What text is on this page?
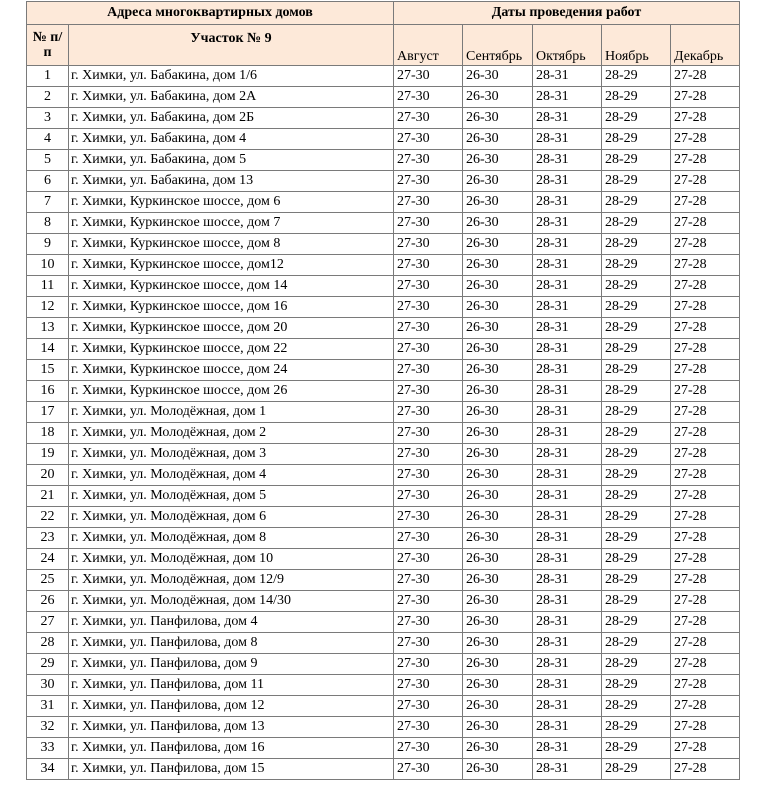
Адреса многоквартирных домов		Даты проведения работ				
№ п/ п	Участок № 9	Август	Сентябрь	Октябрь	Ноябрь	Декабрь
1	г. Химки, ул. Бабакина, дом 1/6	27-30	26-30	28-31	28-29	27-28
2	г. Химки, ул. Бабакина, дом 2А	27-30	26-30	28-31	28-29	27-28
3	г. Химки, ул. Бабакина, дом 2Б	27-30	26-30	28-31	28-29	27-28
4	г. Химки, ул. Бабакина, дом 4	27-30	26-30	28-31	28-29	27-28
5	г. Химки, ул. Бабакина, дом 5	27-30	26-30	28-31	28-29	27-28
6	г. Химки, ул. Бабакина, дом 13	27-30	26-30	28-31	28-29	27-28
7	г. Химки, Куркинское шоссе, дом 6	27-30	26-30	28-31	28-29	27-28
8	г. Химки, Куркинское шоссе, дом 7	27-30	26-30	28-31	28-29	27-28
9	г. Химки, Куркинское шоссе, дом 8	27-30	26-30	28-31	28-29	27-28
10	г. Химки, Куркинское шоссе, дом12	27-30	26-30	28-31	28-29	27-28
11	г. Химки, Куркинское шоссе, дом 14	27-30	26-30	28-31	28-29	27-28
12	г. Химки, Куркинское шоссе, дом 16	27-30	26-30	28-31	28-29	27-28
13	г. Химки, Куркинское шоссе, дом 20	27-30	26-30	28-31	28-29	27-28
14	г. Химки, Куркинское шоссе, дом 22	27-30	26-30	28-31	28-29	27-28
15	г. Химки, Куркинское шоссе, дом 24	27-30	26-30	28-31	28-29	27-28
16	г. Химки, Куркинское шоссе, дом 26	27-30	26-30	28-31	28-29	27-28
17	г. Химки, ул. Молодёжная, дом 1	27-30	26-30	28-31	28-29	27-28
18	г. Химки, ул. Молодёжная, дом 2	27-30	26-30	28-31	28-29	27-28
19	г. Химки, ул. Молодёжная, дом 3	27-30	26-30	28-31	28-29	27-28
20	г. Химки, ул. Молодёжная, дом 4	27-30	26-30	28-31	28-29	27-28
21	г. Химки, ул. Молодёжная, дом 5	27-30	26-30	28-31	28-29	27-28
22	г. Химки, ул. Молодёжная, дом 6	27-30	26-30	28-31	28-29	27-28
23	г. Химки, ул. Молодёжная, дом 8	27-30	26-30	28-31	28-29	27-28
24	г. Химки, ул. Молодёжная, дом 10	27-30	26-30	28-31	28-29	27-28
25	г. Химки, ул. Молодёжная, дом 12/9	27-30	26-30	28-31	28-29	27-28
26	г. Химки, ул. Молодёжная, дом 14/30	27-30	26-30	28-31	28-29	27-28
27	г. Химки, ул. Панфилова, дом 4	27-30	26-30	28-31	28-29	27-28
28	г. Химки, ул. Панфилова, дом 8	27-30	26-30	28-31	28-29	27-28
29	г. Химки, ул. Панфилова, дом 9	27-30	26-30	28-31	28-29	27-28
30	г. Химки, ул. Панфилова, дом 11	27-30	26-30	28-31	28-29	27-28
31	г. Химки, ул. Панфилова, дом 12	27-30	26-30	28-31	28-29	27-28
32	г. Химки, ул. Панфилова, дом 13	27-30	26-30	28-31	28-29	27-28
33	г. Химки, ул. Панфилова, дом 16	27-30	26-30	28-31	28-29	27-28
34	г. Химки, ул. Панфилова, дом 15	27-30	26-30	28-31	28-29	27-28
